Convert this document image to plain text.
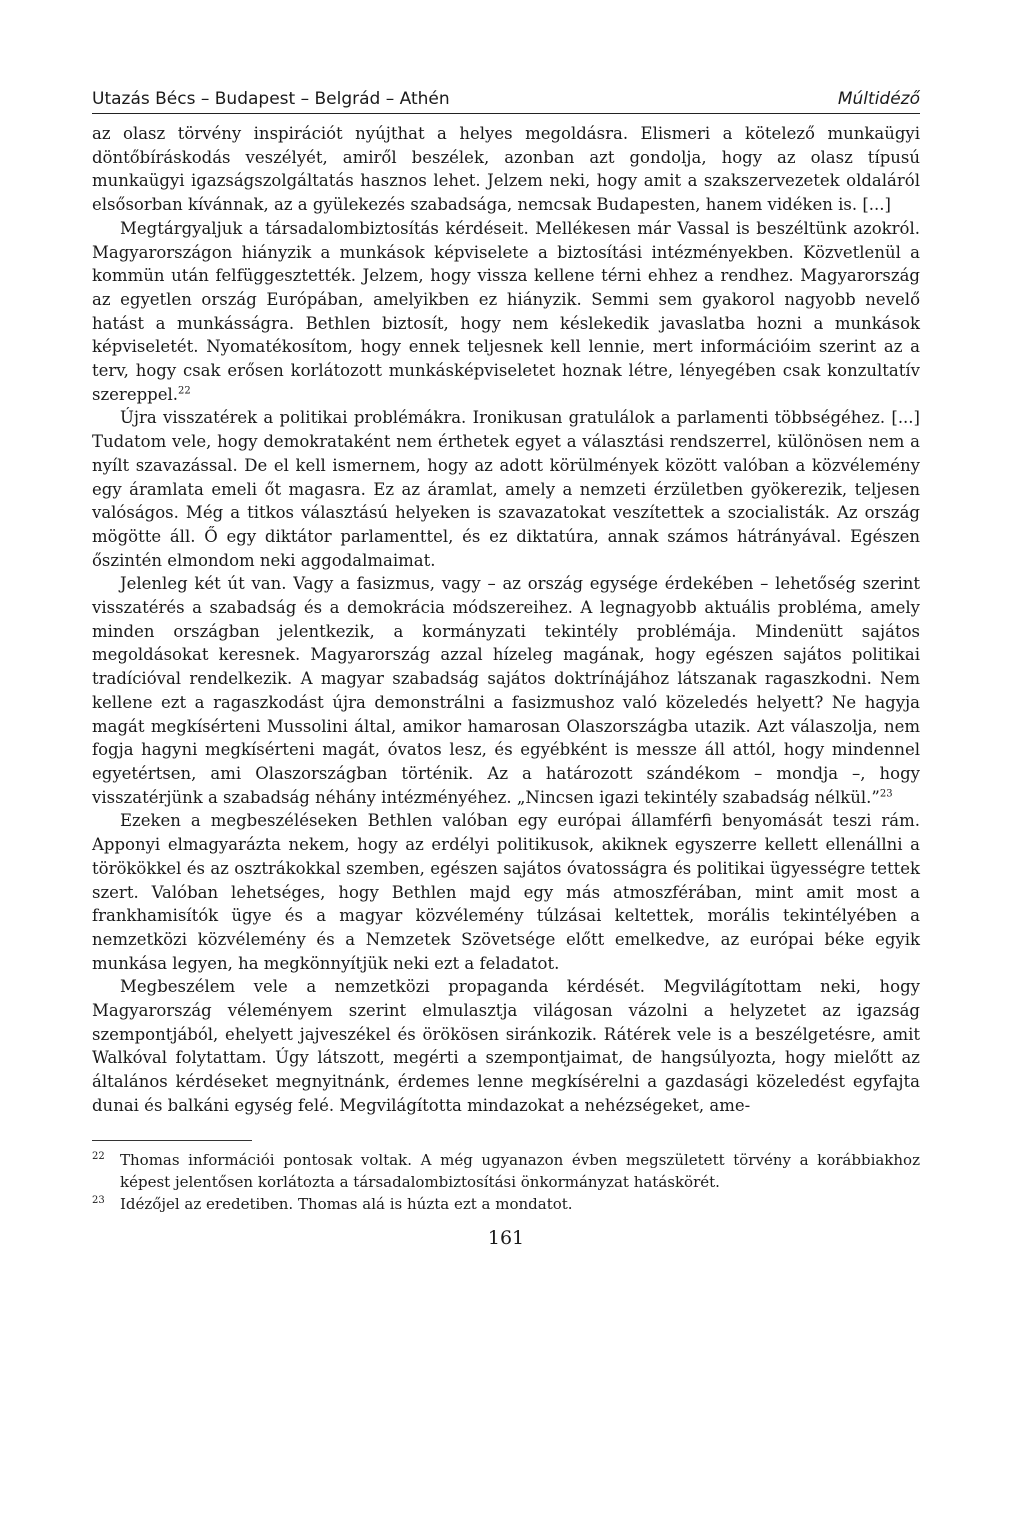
Utazás Bécs – Budapest – Belgrád – Athén	Múltidéző

az olasz törvény inspirációt nyújthat a helyes megoldásra. Elismeri a kötelező munkaügyi döntőbíráskodás veszélyét, amiről beszélek, azonban azt gondolja, hogy az olasz típusú munkaügyi igazságszolgáltatás hasznos lehet. Jelzem neki, hogy amit a szakszervezetek oldaláról elsősorban kívánnak, az a gyülekezés szabadsága, nemcsak Budapesten, hanem vidéken is. [...]

Megtárgyaljuk a társadalombiztosítás kérdéseit. Mellékesen már Vassal is beszéltünk azokról. Magyarországon hiányzik a munkások képviselete a biztosítási intézményekben. Közvetlenül a kommün után felfüggesztették. Jelzem, hogy vissza kellene térni ehhez a rendhez. Magyarország az egyetlen ország Európában, amelyikben ez hiányzik. Semmi sem gyakorol nagyobb nevelő hatást a munkásságra. Bethlen biztosít, hogy nem késlekedik javaslatba hozni a munkások képviseletét. Nyomatékosítom, hogy ennek teljesnek kell lennie, mert információim szerint az a terv, hogy csak erősen korlátozott munkásképviseletet hoznak létre, lényegében csak konzultatív szereppel.$^{22}$

Újra visszatérek a politikai problémákra. Ironikusan gratulálok a parlamenti többségéhez. [...] Tudatom vele, hogy demokrataként nem érthetek egyet a választási rendszerrel, különösen nem a nyílt szavazással. De el kell ismernem, hogy az adott körülmények között valóban a közvélemény egy áramlata emeli őt magasra. Ez az áramlat, amely a nemzeti érzületben gyökerezik, teljesen valóságos. Még a titkos választású helyeken is szavazatokat veszítettek a szocialisták. Az ország mögötte áll. Ő egy diktátor parlamenttel, és ez diktatúra, annak számos hátrányával. Egészen őszintén elmondom neki aggodalmaimat.

Jelenleg két út van. Vagy a fasizmus, vagy – az ország egysége érdekében – lehetőség szerint visszatérés a szabadság és a demokrácia módszereihez. A legnagyobb aktuális probléma, amely minden országban jelentkezik, a kormányzati tekintély problémája. Mindenütt sajátos megoldásokat keresnek. Magyarország azzal hízeleg magának, hogy egészen sajátos politikai tradícióval rendelkezik. A magyar szabadság sajátos doktrínájához látszanak ragaszkodni. Nem kellene ezt a ragaszkodást újra demonstrálni a fasizmushoz való közeledés helyett? Ne hagyja magát megkísérteni Mussolini által, amikor hamarosan Olaszországba utazik. Azt válaszolja, nem fogja hagyni megkísérteni magát, óvatos lesz, és egyébként is messze áll attól, hogy mindennel egyetértsen, ami Olaszországban történik. Az a határozott szándékom – mondja –, hogy visszatérjünk a szabadság néhány intézményéhez. „Nincsen igazi tekintély szabadság nélkül.”$^{23}$

Ezeken a megbeszéléseken Bethlen valóban egy európai államférfi benyomását teszi rám. Apponyi elmagyarázta nekem, hogy az erdélyi politikusok, akiknek egyszerre kellett ellenállni a törökökkel és az osztrákokkal szemben, egészen sajátos óvatosságra és politikai ügyességre tettek szert. Valóban lehetséges, hogy Bethlen majd egy más atmoszférában, mint amit most a frankhamisítók ügye és a magyar közvélemény túlzásai keltettek, morális tekintélyében a nemzetközi közvélemény és a Nemzetek Szövetsége előtt emelkedve, az európai béke egyik munkása legyen, ha megkönnyítjük neki ezt a feladatot.

Megbeszélem vele a nemzetközi propaganda kérdését. Megvilágítottam neki, hogy Magyarország véleményem szerint elmulasztja világosan vázolni a helyzetet az igazság szempontjából, ehelyett jajveszékel és örökösen siránkozik. Rátérek vele is a beszélgetésre, amit Walkóval folytattam. Úgy látszott, megérti a szempontjaimat, de hangsúlyozta, hogy mielőtt az általános kérdéseket megnyitnánk, érdemes lenne megkísérelni a gazdasági közeledést egyfajta dunai és balkáni egység felé. Megvilágította mindazokat a nehézségeket, ame-

22	Thomas információi pontosak voltak. A még ugyanazon évben megszületett törvény a korábbiakhoz képest jelentősen korlátozta a társadalombiztosítási önkormányzat hatáskörét.
23	Idézőjel az eredetiben. Thomas alá is húzta ezt a mondatot.
161
